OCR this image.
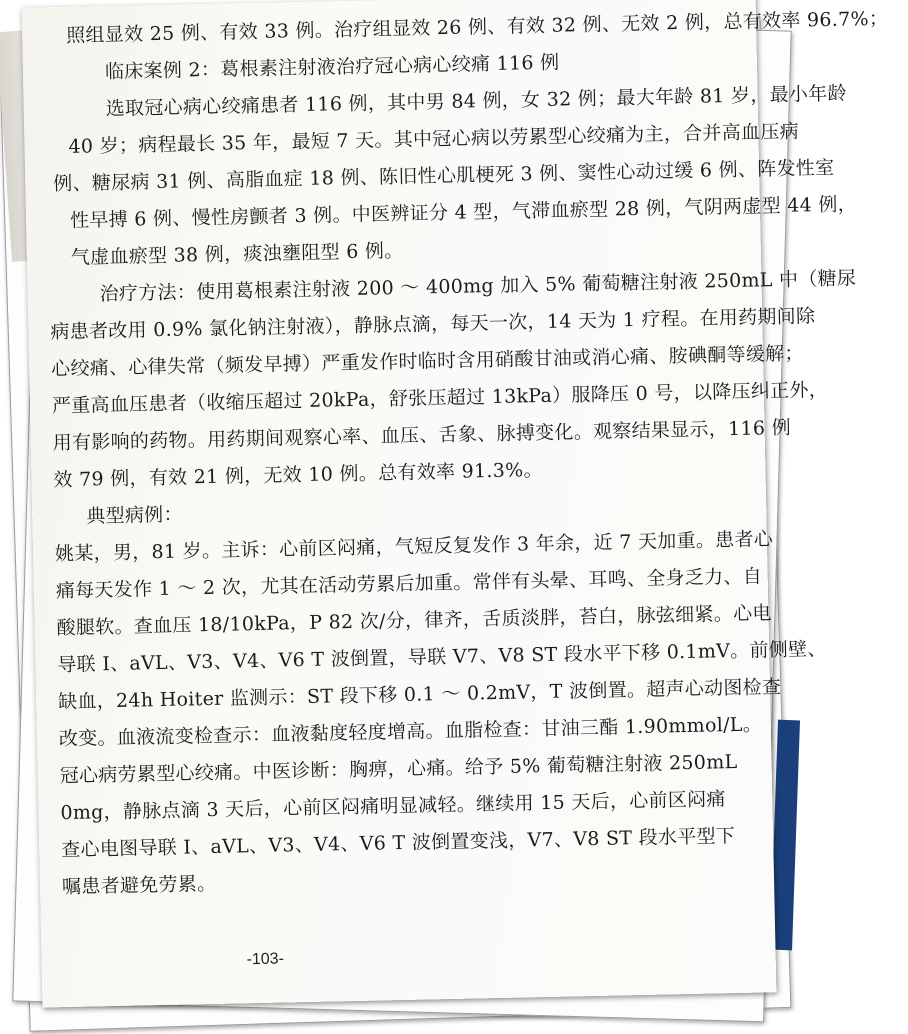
照组显效 25 例、有效 33 例。治疗组显效 26 例、有效 32 例、无效 2 例，总有效率 96.7%；
临床案例 2：葛根素注射液治疗冠心病心绞痛 116 例
选取冠心病心绞痛患者 116 例，其中男 84 例，女 32 例；最大年龄 81 岁，最小年龄
40 岁；病程最长 35 年，最短 7 天。其中冠心病以劳累型心绞痛为主，合并高血压病
例、糖尿病 31 例、高脂血症 18 例、陈旧性心肌梗死 3 例、窦性心动过缓 6 例、阵发性室
性早搏 6 例、慢性房颤者 3 例。中医辨证分 4 型，气滞血瘀型 28 例，气阴两虚型 44 例，
气虚血瘀型 38 例，痰浊壅阻型 6 例。
治疗方法：使用葛根素注射液 200 ～ 400mg 加入 5% 葡萄糖注射液 250mL 中（糖尿
病患者改用 0.9% 氯化钠注射液），静脉点滴，每天一次，14 天为 1 疗程。在用药期间除
心绞痛、心律失常（频发早搏）严重发作时临时含用硝酸甘油或消心痛、胺碘酮等缓解；
严重高血压患者（收缩压超过 20kPa，舒张压超过 13kPa）服降压 0 号，以降压纠正外，
用有影响的药物。用药期间观察心率、血压、舌象、脉搏变化。观察结果显示，116 例
效 79 例，有效 21 例，无效 10 例。总有效率 91.3%。
典型病例：
姚某，男，81 岁。主诉：心前区闷痛，气短反复发作 3 年余，近 7 天加重。患者心
痛每天发作 1 ～ 2 次，尤其在活动劳累后加重。常伴有头晕、耳鸣、全身乏力、自
酸腿软。查血压 18/10kPa，P 82 次/分，律齐，舌质淡胖，苔白，脉弦细紧。心电
导联 Ⅰ、aVL、V3、V4、V6 T 波倒置，导联 V7、V8 ST 段水平下移 0.1mV。前侧壁、
缺血，24h Hoiter 监测示：ST 段下移 0.1 ～ 0.2mV，T 波倒置。超声心动图检查
改变。血液流变检查示：血液黏度轻度增高。血脂检查：甘油三酯 1.90mmol/L。
冠心病劳累型心绞痛。中医诊断：胸痹，心痛。给予 5% 葡萄糖注射液 250mL
0mg，静脉点滴 3 天后，心前区闷痛明显减轻。继续用 15 天后，心前区闷痛
查心电图导联 Ⅰ、aVL、V3、V4、V6 T 波倒置变浅，V7、V8 ST 段水平型下
嘱患者避免劳累。
-103-
